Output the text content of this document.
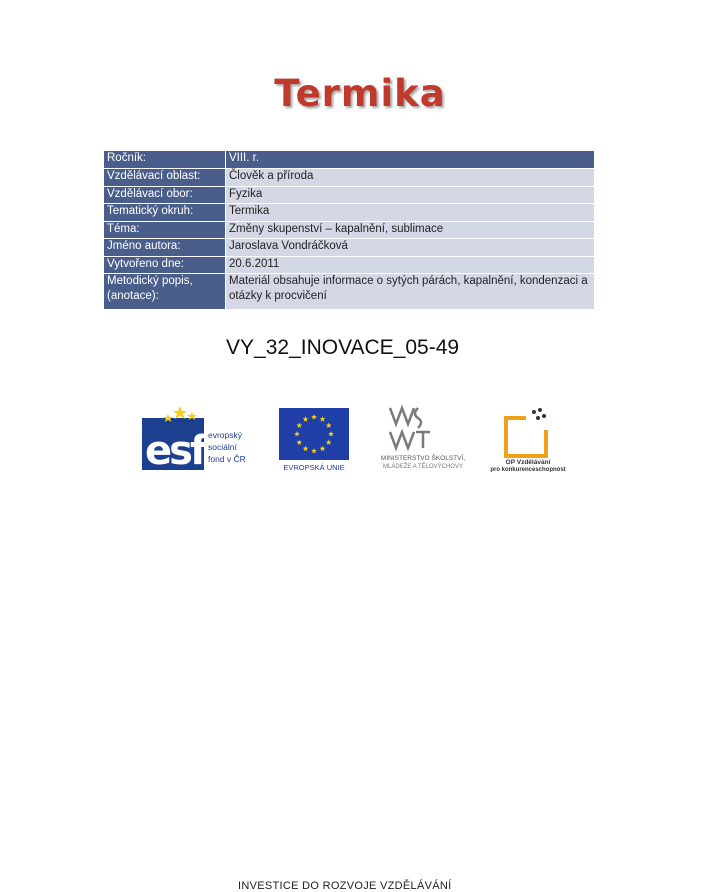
Termika
Ročník:	VIII. r.
Vzdělávací oblast:	Člověk a příroda
Vzdělávací obor:	Fyzika
Tematický okruh:	Termika
Téma:	Změny skupenství – kapalnění, sublimace
Jméno autora:	Jaroslava Vondráčková
Vytvořeno dne:	20.6.2011
Metodický popis, (anotace):	Materiál obsahuje informace o sytých párách, kapalnění, kondenzaci a otázky k procvičení
VY_32_INOVACE_05-49
esf evropský
sociální
fond v ČR
EVROPSKÁ UNIE
MINISTERSTVO ŠKOLSTVÍ,
MLÁDEŽE A TĚLOVÝCHOVY
OP Vzdělávání
pro konkurenceschopnost
INVESTICE DO ROZVOJE VZDĚLÁVÁNÍ
